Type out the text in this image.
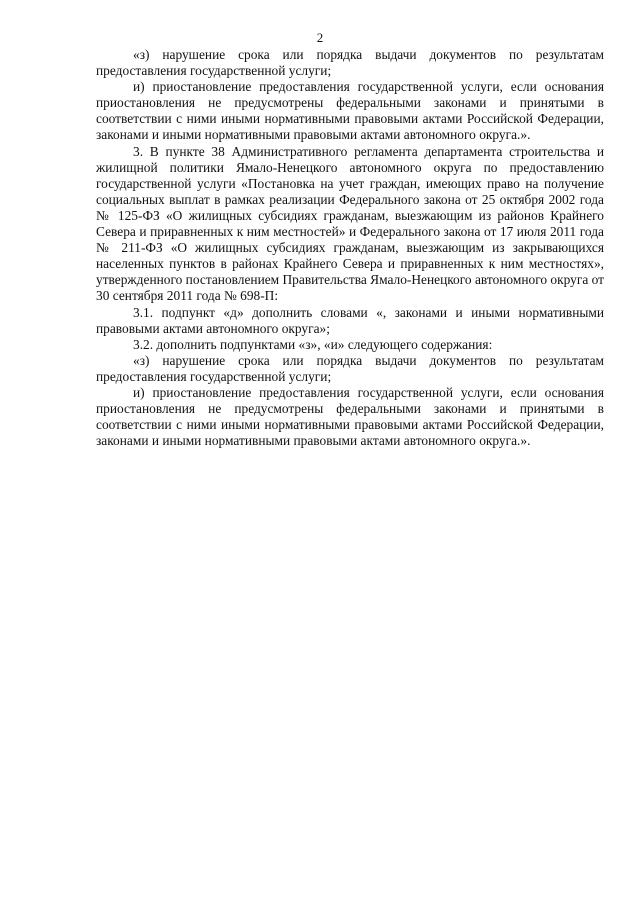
2

«з) нарушение срока или порядка выдачи документов по результатам предоставления государственной услуги;

и) приостановление предоставления государственной услуги, если основания приостановления не предусмотрены федеральными законами и принятыми в соответствии с ними иными нормативными правовыми актами Российской Федерации, законами и иными нормативными правовыми актами автономного округа.».

3. В пункте 38 Административного регламента департамента строительства и жилищной политики Ямало-Ненецкого автономного округа по предоставлению государственной услуги «Постановка на учет граждан, имеющих право на получение социальных выплат в рамках реализации Федерального закона от 25 октября 2002 года № 125-ФЗ «О жилищных субсидиях гражданам, выезжающим из районов Крайнего Севера и приравненных к ним местностей» и Федерального закона от 17 июля 2011 года № 211-ФЗ «О жилищных субсидиях гражданам, выезжающим из закрывающихся населенных пунктов в районах Крайнего Севера и приравненных к ним местностях», утвержденного постановлением Правительства Ямало-Ненецкого автономного округа от 30 сентября 2011 года № 698-П:

3.1. подпункт «д» дополнить словами «, законами и иными нормативными правовыми актами автономного округа»;

3.2. дополнить подпунктами «з», «и» следующего содержания:

«з) нарушение срока или порядка выдачи документов по результатам предоставления государственной услуги;

и) приостановление предоставления государственной услуги, если основания приостановления не предусмотрены федеральными законами и принятыми в соответствии с ними иными нормативными правовыми актами Российской Федерации, законами и иными нормативными правовыми актами автономного округа.».
